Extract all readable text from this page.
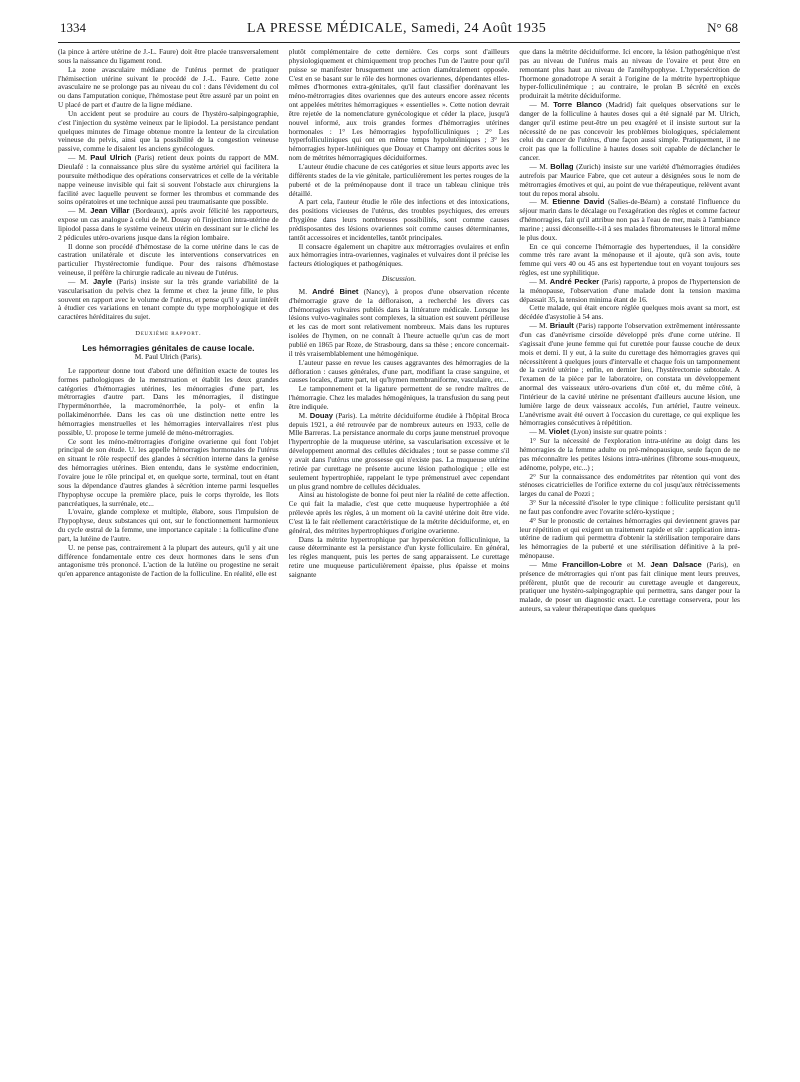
1334	LA PRESSE MÉDICALE, Samedi, 24 Août 1935	N° 68

(la pince à artère utérine de J.-L. Faure) doit être placée transversalement sous la naissance du ligament rond.

La zone avasculaire médiane de l'utérus permet de pratiquer l'hémisection utérine suivant le procédé de J.-L. Faure. Cette zone avasculaire ne se prolonge pas au niveau du col : dans l'évidement du col ou dans l'amputation conique, l'hémostase peut être assuré par un point en U placé de part et d'autre de la ligne médiane.

Un accident peut se produire au cours de l'hystéro-salpingographie, c'est l'injection du système veineux par le lipiodol. La persistance pendant quelques minutes de l'image obtenue montre la lenteur de la circulation veineuse du pelvis, ainsi que la possibilité de la congestion veineuse passive, comme le disaient les anciens gynécologues.

— M. Paul Ulrich (Paris) retient deux points du rapport de MM. Dieulafé : la connaissance plus sûre du système artériel qui facilitera la poursuite méthodique des opérations conservatrices et celle de la véritable nappe veineuse invisible qui fait si souvent l'obstacle aux chirurgiens la facilité avec laquelle peuvent se former les thrombus et commande des soins opératoires et une technique aussi peu traumatisante que possible.

— M. Jean Villar (Bordeaux), après avoir félicité les rapporteurs, expose un cas analogue à celui de M. Douay où l'injection intra-utérine de lipiodol passa dans le système veineux utérin en dessinant sur le cliché les 2 pédicules utéro-ovariens jusque dans la région lombaire.

Il donne son procédé d'hémostase de la corne utérine dans le cas de castration unilatérale et discute les interventions conservatrices en particulier l'hystérectomie fundique. Pour des raisons d'hémostase veineuse, il préfère la chirurgie radicale au niveau de l'utérus.

— M. Jayle (Paris) insiste sur la très grande variabilité de la vascularisation du pelvis chez la femme et chez la jeune fille, le plus souvent en rapport avec le volume de l'utérus, et pense qu'il y aurait intérêt à étudier ces variations en tenant compte du type morphologique et des caractères héréditaires du sujet.

Deuxième rapport.

Les hémorragies génitales de cause locale.

M. Paul Ulrich (Paris).

Le rapporteur donne tout d'abord une définition exacte de toutes les formes pathologiques de la menstruation et établit les deux grandes catégories d'hémorragies utérines, les ménorragies d'une part, les métrorragies d'autre part. Dans les ménorragies, il distingue l'hyperménorrhée, la macroménorrhée, la poly- et enfin la pollakiménorrhée. Dans les cas où une distinction nette entre les hémorragies menstruelles et les hémorragies intervallaires n'est plus possible, U. propose le terme jumelé de méno-métrorragies.

Ce sont les méno-métrorragies d'origine ovarienne qui font l'objet principal de son étude. U. les appelle hémorragies hormonales de l'utérus en situant le rôle respectif des glandes à sécrétion interne dans la genèse des hémorragies utérines. Bien entendu, dans le système endocrinien, l'ovaire joue le rôle principal et, en quelque sorte, terminal, tout en étant sous la dépendance d'autres glandes à sécrétion interne parmi lesquelles l'hypophyse occupe la première place, puis le corps thyroïde, les îlots pancréatiques, la surrénale, etc...

L'ovaire, glande complexe et multiple, élabore, sous l'impulsion de l'hypophyse, deux substances qui ont, sur le fonctionnement harmonieux du cycle œstral de la femme, une importance capitale : la folliculine d'une part, la lutéine de l'autre.

U. ne pense pas, contrairement à la plupart des auteurs, qu'il y ait une différence fondamentale entre ces deux hormones dans le sens d'un antagonisme très prononcé. L'action de la lutéine ou progestine ne serait qu'en apparence antagoniste de l'action de la folliculine. En réalité, elle est

plutôt complémentaire de cette dernière. Ces corps sont d'ailleurs physiologiquement et chimiquement trop proches l'un de l'autre pour qu'il puisse se manifester brusquement une action diamétralement opposée. C'est en se basant sur le rôle des hormones ovariennes, dépendantes elles-mêmes d'hormones extra-génitales, qu'il faut classifier dorénavant les méno-métrorragies dites ovariennes que des auteurs encore assez récents ont appelées métrites hémorragiques « essentielles ». Cette notion devrait être rejetée de la nomenclature gynécologique et céder la place, jusqu'à nouvel informé, aux trois grandes formes d'hémorragies utérines hormonales : 1° Les hémorragies hypofolliculiniques ; 2° Les hyperfolliculiniques qui ont en même temps hypolutéiniques ; 3° les hémorragies hyper-lutéiniques que Douay et Champy ont décrites sous le nom de métrites hémorragiques déciduiformes.

L'auteur étudie chacune de ces catégories et situe leurs apports avec les différents stades de la vie génitale, particulièrement les pertes rouges de la puberté et de la préménopause dont il trace un tableau clinique très détaillé.

A part cela, l'auteur étudie le rôle des infections et des intoxications, des positions vicieuses de l'utérus, des troubles psychiques, des erreurs d'hygiène dans leurs nombreuses possibilités, sont comme causes prédisposantes des lésions ovariennes soit comme causes déterminantes, tantôt accessoires et incidentelles, tantôt principales.

Il consacre également un chapitre aux métrorragies ovulaires et enfin aux hémorragies intra-ovariennes, vaginales et vulvaires dont il précise les facteurs étiologiques et pathogéniques.

Discussion.

M. André Binet (Nancy), à propos d'une observation récente d'hémorragie grave de la défloraison, a recherché les divers cas d'hémorragies vulvaires publiés dans la littérature médicale. Lorsque les lésions vulvo-vaginales sont complexes, la situation est souvent périlleuse et les cas de mort sont relativement nombreux. Mais dans les ruptures isolées de l'hymen, on ne connaît à l'heure actuelle qu'un cas de mort publié en 1865 par Roze, de Strasbourg, dans sa thèse ; encore concernait-il très vraisemblablement une hémogénique.

L'auteur passe en revue les causes aggravantes des hémorragies de la défloration : causes générales, d'une part, modifiant la crase sanguine, et causes locales, d'autre part, tel qu'hymen membraniforme, vasculaire, etc...

Le tamponnement et la ligature permettent de se rendre maîtres de l'hémorragie. Chez les malades hémogéniques, la transfusion du sang peut être indiquée.

M. Douay (Paris). La métrite déciduiforme étudiée à l'hôpital Broca depuis 1921, a été retrouvée par de nombreux auteurs en 1933, celle de Mlle Barreras. La persistance anormale du corps jaune menstruel provoque l'hypertrophie de la muqueuse utérine, sa vascularisation excessive et le développement anormal des cellules déciduales ; tout se passe comme s'il y avait dans l'utérus une grossesse qui n'existe pas. La muqueuse utérine retirée par curettage ne présente aucune lésion pathologique ; elle est seulement hypertrophiée, rappelant le type prémenstruel avec cependant un plus grand nombre de cellules déciduales.

Ainsi au histologiste de bonne foi peut nier la réalité de cette affection. Ce qui fait la maladie, c'est que cette muqueuse hypertrophiée a été prélevée après les règles, à un moment où la cavité utérine doit être vide. C'est là le fait réellement caractéristique de la métrite déciduiforme, et, en général, des métrites hypertrophiques d'origine ovarienne.

Dans la métrite hypertrophique par hypersécrétion folliculinique, la cause déterminante est la persistance d'un kyste folliculaire. En général, les règles manquent, puis les pertes de sang apparaissent. Le curettage retire une muqueuse particulièrement épaisse, plus épaisse et moins saignante

que dans la métrite déciduiforme. Ici encore, la lésion pathogénique n'est pas au niveau de l'utérus mais au niveau de l'ovaire et peut être en remontant plus haut au niveau de l'antéhypophyse. L'hypersécrétion de l'hormone gonadotrope A serait à l'origine de la métrite hypertrophique hyper-folliculinémique ; au contraire, le prolan B sécrété en excès produirait la métrite déciduiforme.

— M. Torre Blanco (Madrid) fait quelques observations sur le danger de la folliculine à hautes doses qui a été signalé par M. Ulrich, danger qu'il estime peut-être un peu exagéré et il insiste surtout sur la nécessité de ne pas concevoir les problèmes biologiques, spécialement celui du cancer de l'utérus, d'une façon aussi simple. Pratiquement, il ne croit pas que la folliculine à hautes doses soit capable de déclancher le cancer.

— M. Bollag (Zurich) insiste sur une variété d'hémorragies étudiées autrefois par Maurice Fabre, que cet auteur a désignées sous le nom de métrorragies émotives et qui, au point de vue thérapeutique, relèvent avant tout du repos moral absolu.

— M. Etienne David (Salies-de-Béarn) a constaté l'influence du séjour marin dans le décalage ou l'exagération des règles et comme facteur d'hémorragies, fait qu'il attribue non pas à l'eau de mer, mais à l'ambiance marine ; aussi déconseille-t-il à ses malades fibromateuses le littoral même le plus doux.

En ce qui concerne l'hémorragie des hypertendues, il la considère comme très rare avant la ménopause et il ajoute, qu'à son avis, toute femme qui vers 40 ou 45 ans est hypertendue tout en voyant toujours ses règles, est une syphilitique.

— M. André Pecker (Paris) rapporte, à propos de l'hypertension de la ménopause, l'observation d'une malade dont la tension maxima dépassait 35, la tension minima étant de 16.

Cette malade, qui était encore réglée quelques mois avant sa mort, est décédée d'asystolie à 54 ans.

— M. Briault (Paris) rapporte l'observation extrêmement intéressante d'un cas d'anévrisme cirsoïde développé près d'une corne utérine. Il s'agissait d'une jeune femme qui fut curettée pour fausse couche de deux mois et demi. Il y eut, à la suite du curettage des hémorragies graves qui nécessitèrent à quelques jours d'intervalle et chaque fois un tamponnement de la cavité utérine ; enfin, en dernier lieu, l'hystérectomie subtotale. A l'examen de la pièce par le laboratoire, on constata un développement anormal des vaisseaux utéro-ovariens d'un côté et, du même côté, à l'intérieur de la cavité utérine ne présentant d'ailleurs aucune lésion, une lumière large de deux vaisseaux accolés, l'un artériel, l'autre veineux. L'anévrisme avait été ouvert à l'occasion du curettage, ce qui explique les hémorragies consécutives à répétition.

— M. Violet (Lyon) insiste sur quatre points :

1° Sur la nécessité de l'exploration intra-utérine au doigt dans les hémorragies de la femme adulte ou pré-ménopausique, seule façon de ne pas méconnaître les petites lésions intra-utérines (fibrome sous-muqueux, adénome, polype, etc...) ;

2° Sur la connaissance des endométrites par rétention qui vont des sténoses cicatricielles de l'orifice externe du col jusqu'aux rétrécissements larges du canal de Pozzi ;

3° Sur la nécessité d'isoler le type clinique : folliculite persistant qu'il ne faut pas confondre avec l'ovarite scléro-kystique ;

4° Sur le pronostic de certaines hémorragies qui deviennent graves par leur répétition et qui exigent un traitement rapide et sûr : application intra-utérine de radium qui permettra d'obtenir la stérilisation temporaire dans les hémorragies de la puberté et une stérilisation définitive à la pré-ménopause.

— Mme Francillon-Lobre et M. Jean Dalsace (Paris), en présence de métrorragies qui n'ont pas fait clinique ment leurs preuves, préfèrent, plutôt que de recourir au curettage aveugle et dangereux, pratiquer une hystéro-salpingographie qui permettra, sans danger pour la malade, de poser un diagnostic exact. Le curettage conservera, pour les auteurs, sa valeur thérapeutique dans quelques
